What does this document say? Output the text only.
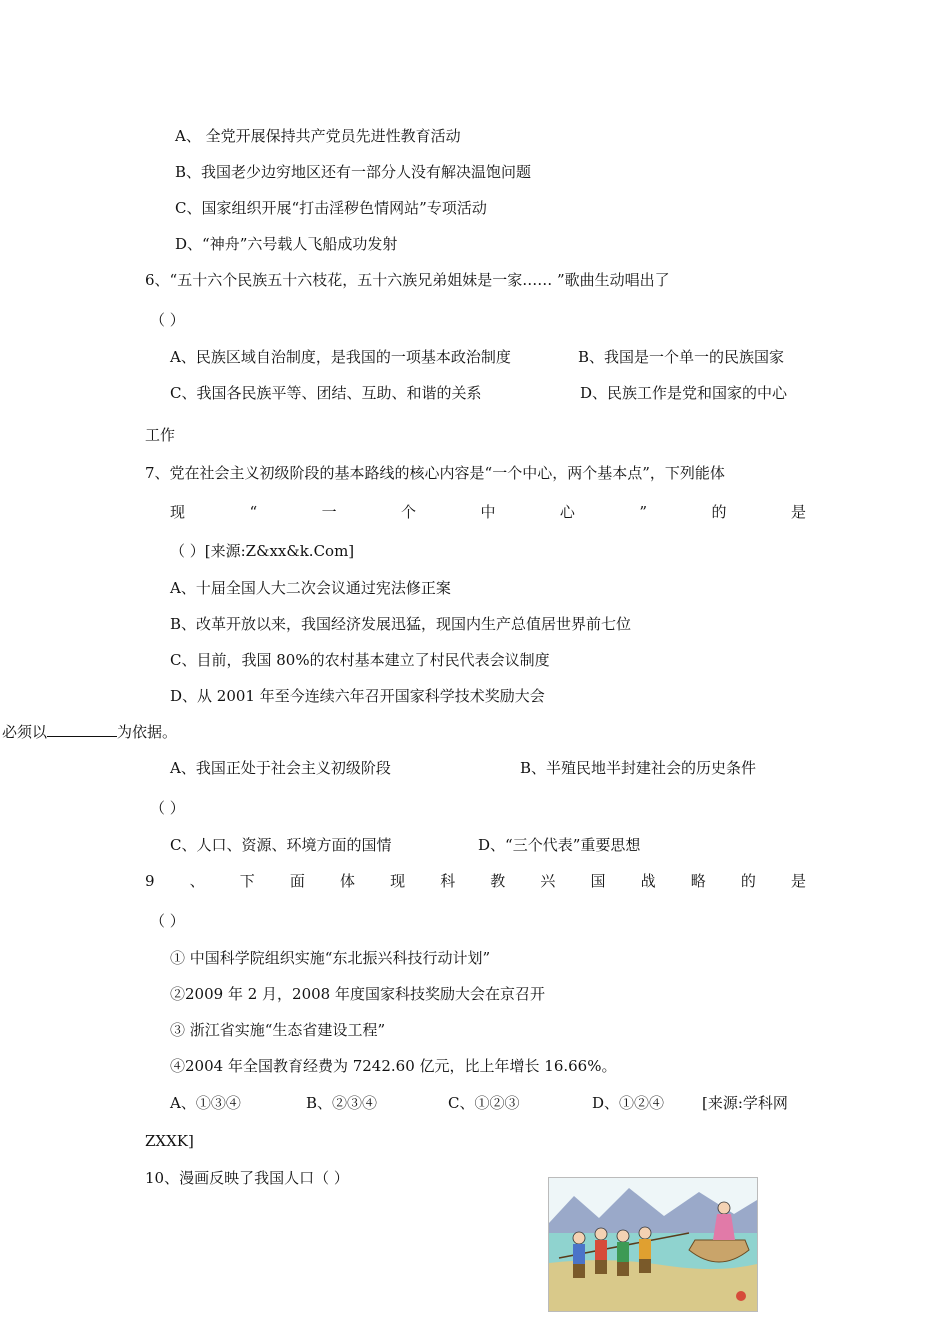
A、 全党开展保持共产党员先进性教育活动
B、我国老少边穷地区还有一部分人没有解决温饱问题
C、国家组织开展“打击淫秽色情网站”专项活动
D、“神舟”六号载人飞船成功发射
6、“五十六个民族五十六枝花，五十六族兄弟姐妹是一家…… ”歌曲生动唱出了
（ ）
A、民族区域自治制度，是我国的一项基本政治制度	B、我国是一个单一的民族国家
C、我国各民族平等、团结、互助、和谐的关系	D、民族工作是党和国家的中心
工作
7、党在社会主义初级阶段的基本路线的核心内容是“一个中心，两个基本点”，下列能体
现	“	一	个	中	心	”	的	是
（ ）[来源:Z&xx&k.Com]
A、十届全国人大二次会议通过宪法修正案
B、改革开放以来，我国经济发展迅猛，现国内生产总值居世界前七位
C、目前，我国 80%的农村基本建立了村民代表会议制度
D、从 2001 年至今连续六年召开国家科学技术奖励大会
必须以	为依据。
A、我国正处于社会主义初级阶段	B、半殖民地半封建社会的历史条件
（ ）
C、人口、资源、环境方面的国情	D、“三个代表”重要思想
9 、 下 面 体 现 科 教 兴 国 战 略 的 是
（ ）
① 中国科学院组织实施“东北振兴科技行动计划”
②2009 年 2 月，2008 年度国家科技奖励大会在京召开
③ 浙江省实施“生态省建设工程”
④2004 年全国教育经费为 7242.60 亿元，比上年增长 16.66%。
A、①③④	B、②③④	C、①②③	D、①②④	[来源:学科网
ZXXK]
10、漫画反映了我国人口（ ）
